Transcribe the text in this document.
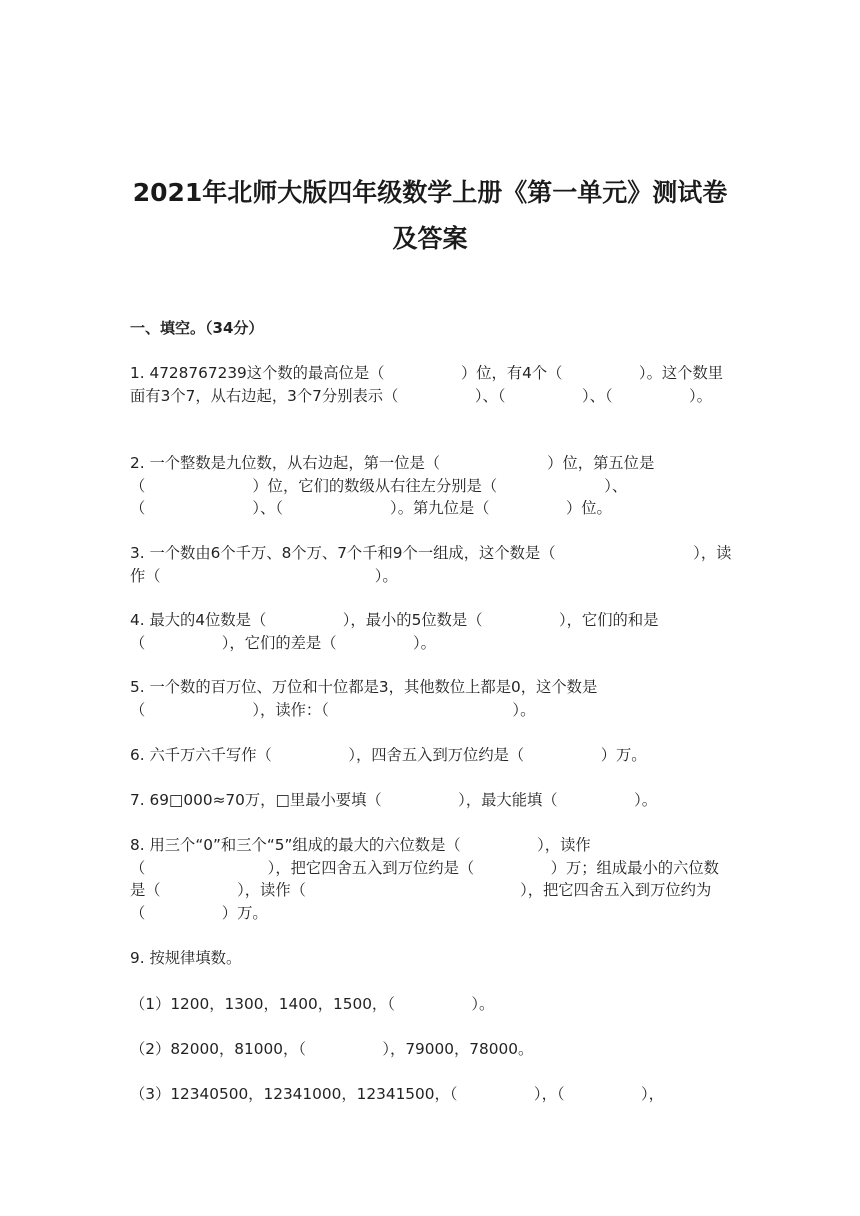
2021年北师大版四年级数学上册《第一单元》测试卷
及答案
一、填空。（34分）

1. 4728767239这个数的最高位是（　　　　　）位，有4个（　　　　　）。这个数里面有3个7，从右边起，3个7分别表示（　　　　　）、（　　　　　）、（　　　　　）。

2. 一个整数是九位数，从右边起，第一位是（　　　　　　　）位，第五位是（　　　　　　　）位，它们的数级从右往左分别是（　　　　　　　）、（　　　　　　　）、（　　　　　　　）。第九位是（　　　　　）位。

3. 一个数由6个千万、8个万、7个千和9个一组成，这个数是（　　　　　　　　　），读作（　　　　　　　　　　　　　　）。

4. 最大的4位数是（　　　　　），最小的5位数是（　　　　　），它们的和是（　　　　　），它们的差是（　　　　　）。

5. 一个数的百万位、万位和十位都是3，其他数位上都是0，这个数是（　　　　　　　），读作：（　　　　　　　　　　　　）。

6. 六千万六千写作（　　　　　），四舍五入到万位约是（　　　　　）万。

7. 69□000≈70万，□里最小要填（　　　　　），最大能填（　　　　　）。

8. 用三个“0”和三个“5”组成的最大的六位数是（　　　　　），读作（　　　　　　　　），把它四舍五入到万位约是（　　　　　）万；组成最小的六位数是（　　　　　），读作（　　　　　　　　　　　　　　），把它四舍五入到万位约为（　　　　　）万。

9. 按规律填数。

（1）1200，1300，1400，1500，（　　　　　）。

（2）82000，81000，（　　　　　），79000，78000。

（3）12340500，12341000，12341500，（　　　　　），（　　　　　），
